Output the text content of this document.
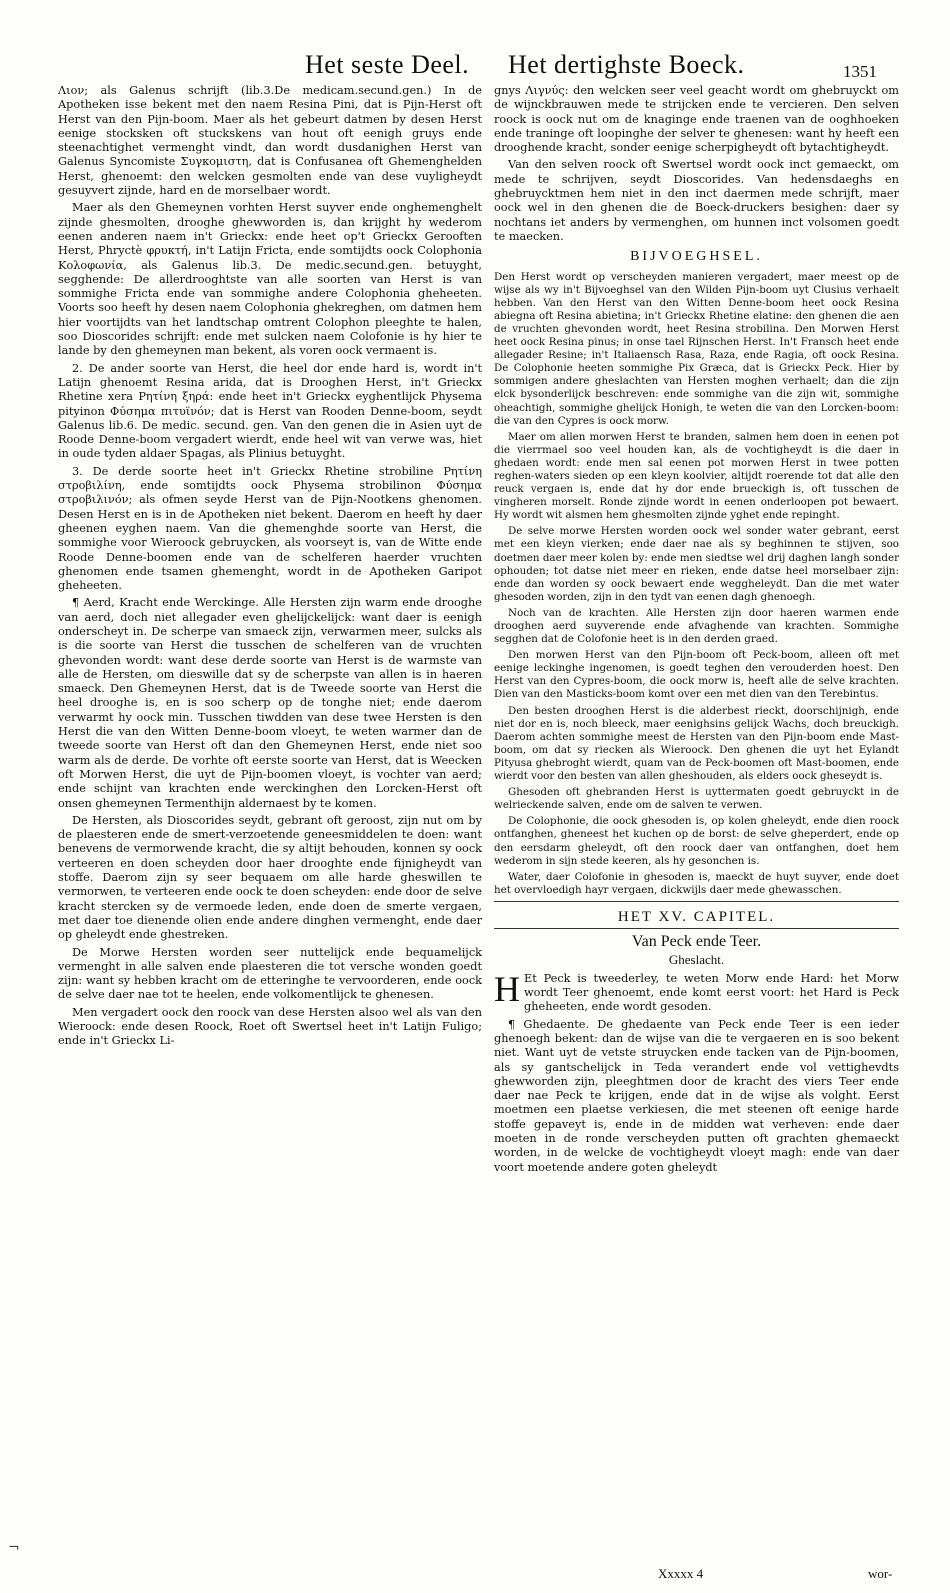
Het seste Deel. Het dertighste Boeck.	1351

Λιον; als Galenus schrijft (lib.3.De medicam.secund.gen.) In de Apotheken isse bekent met den naem Resina Pini, dat is Pijn-Herst oft Herst van den Pijn-boom. Maer als het gebeurt datmen by desen Herst eenige stocksken oft stuckskens van hout oft eenigh gruys ende steenachtighet vermenght vindt, dan wordt dusdanighen Herst van Galenus Syncomiste Συγκομιστη, dat is Confusanea oft Ghemenghelden Herst, ghenoemt: den welcken gesmolten ende van dese vuyligheydt gesuyvert zijnde, hard en de morselbaer wordt.

Maer als den Ghemeynen vorhten Herst suyver ende onghemenghelt zijnde ghesmolten, drooghe ghewworden is, dan krijght hy wederom eenen anderen naem in't Grieckx: ende heet op't Grieckx Gerooften Herst, Phryctè φρυκτή, in't Latijn Fricta, ende somtijdts oock Colophonia Κολοφωνία, als Galenus lib.3. De medic.secund.gen. betuyght, segghende: De allerdrooghtste van alle soorten van Herst is van sommighe Fricta ende van sommighe andere Colophonia gheheeten. Voorts soo heeft hy desen naem Colophonia ghekreghen, om datmen hem hier voortijdts van het landtschap omtrent Colophon pleeghte te halen, soo Dioscorides schrijft: ende met sulcken naem Colofonie is hy hier te lande by den ghemeynen man bekent, als voren oock vermaent is.

2. De ander soorte van Herst, die heel dor ende hard is, wordt in't Latijn ghenoemt Resina arida, dat is Drooghen Herst, in't Grieckx Rhetine xera Ρητίνη ξηρά: ende heet in't Grieckx eyghentlijck Physema pityinon Φύσημα πιτυϊνόν; dat is Herst van Rooden Denne-boom, seydt Galenus lib.6. De medic. secund. gen. Van den genen die in Asien uyt de Roode Denne-boom vergadert wierdt, ende heel wit van verwe was, hiet in oude tyden aldaer Spagas, als Plinius betuyght.

3. De derde soorte heet in't Grieckx Rhetine strobiline Ρητίνη στροβιλίνη, ende somtijdts oock Physema strobilinon Φύσημα στροβιλινόν; als ofmen seyde Herst van de Pijn-Nootkens ghenomen. Desen Herst en is in de Apotheken niet bekent. Daerom en heeft hy daer gheenen eyghen naem. Van die ghemenghde soorte van Herst, die sommighe voor Wieroock gebruycken, als voorseyt is, van de Witte ende Roode Denne-boomen ende van de schelferen haerder vruchten ghenomen ende tsamen ghemenght, wordt in de Apotheken Garipot gheheeten.

¶ Aerd, Kracht ende Werckinge. Alle Hersten zijn warm ende drooghe van aerd, doch niet allegader even ghelijckelijck: want daer is eenigh onderscheyt in. De scherpe van smaeck zijn, verwarmen meer, sulcks als is die soorte van Herst die tusschen de schelferen van de vruchten ghevonden wordt: want dese derde soorte van Herst is de warmste van alle de Hersten, om dieswille dat sy de scherpste van allen is in haeren smaeck. Den Ghemeynen Herst, dat is de Tweede soorte van Herst die heel drooghe is, en is soo scherp op de tonghe niet; ende daerom verwarmt hy oock min. Tusschen tiwdden van dese twee Hersten is den Herst die van den Witten Denne-boom vloeyt, te weten warmer dan de tweede soorte van Herst oft dan den Ghemeynen Herst, ende niet soo warm als de derde. De vorhte oft eerste soorte van Herst, dat is Weecken oft Morwen Herst, die uyt de Pijn-boomen vloeyt, is vochter van aerd; ende schijnt van krachten ende werckinghen den Lorcken-Herst oft onsen ghemeynen Termenthijn aldernaest by te komen.

De Hersten, als Dioscorides seydt, gebrant oft geroost, zijn nut om by de plaesteren ende de smert-verzoetende geneesmiddelen te doen: want benevens de vermorwende kracht, die sy altijt behouden, konnen sy oock verteeren en doen scheyden door haer drooghte ende fijnigheydt van stoffe. Daerom zijn sy seer bequaem om alle harde gheswillen te vermorwen, te verteeren ende oock te doen scheyden: ende door de selve kracht stercken sy de vermoede leden, ende doen de smerte vergaen, met daer toe dienende olien ende andere dinghen vermenght, ende daer op gheleydt ende ghestreken.

De Morwe Hersten worden seer nuttelijck ende bequamelijck vermenght in alle salven ende plaesteren die tot versche wonden goedt zijn: want sy hebben kracht om de etteringhe te vervoorderen, ende oock de selve daer nae tot te heelen, ende volkomentlijck te ghenesen.

Men vergadert oock den roock van dese Hersten alsoo wel als van den Wieroock: ende desen Roock, Roet oft Swertsel heet in't Latijn Fuligo; ende in't Grieckx Li-

gnys Λιγνύς: den welcken seer veel geacht wordt om ghebruyckt om de wijnckbrauwen mede te strijcken ende te vercieren. Den selven roock is oock nut om de knaginge ende traenen van de ooghhoeken ende traninge oft loopinghe der selver te ghenesen: want hy heeft een drooghende kracht, sonder eenige scherpigheydt oft bytachtigheydt.

Van den selven roock oft Swertsel wordt oock inct gemaeckt, om mede te schrijven, seydt Dioscorides. Van hedensdaeghs en ghebruycktmen hem niet in den inct daermen mede schrijft, maer oock wel in den ghenen die de Boeck-druckers besighen: daer sy nochtans iet anders by vermenghen, om hunnen inct volsomen goedt te maecken.

BIJVOEGHSEL.

Den Herst wordt op verscheyden manieren vergadert, maer meest op de wijse als wy in't Bijvoeghsel van den Wilden Pijn-boom uyt Clusius verhaelt hebben. Van den Herst van den Witten Denne-boom heet oock Resina abiegna oft Resina abietina; in't Grieckx Rhetine elatine: den ghenen die aen de vruchten ghevonden wordt, heet Resina strobilina. Den Morwen Herst heet oock Resina pinus; in onse tael Rijnschen Herst. In't Fransch heet ende allegader Resine; in't Italiaensch Rasa, Raza, ende Ragia, oft oock Resina. De Colophonie heeten sommighe Pix Græca, dat is Grieckx Peck. Hier by sommigen andere gheslachten van Hersten moghen verhaelt; dan die zijn elck bysonderlijck beschreven: ende sommighe van die zijn wit, sommighe oheachtigh, sommighe ghelijck Honigh, te weten die van den Lorcken-boom: die van den Cypres is oock morw.

Maer om allen morwen Herst te branden, salmen hem doen in eenen pot die vierrmael soo veel houden kan, als de vochtigheydt is die daer in ghedaen wordt: ende men sal eenen pot morwen Herst in twee potten reghen-waters sieden op een kleyn koolvier, altijdt roerende tot dat alle den reuck vergaen is, ende dat hy dor ende brueckigh is, oft tusschen de vingheren morselt. Ronde zijnde wordt in eenen onderloopen pot bewaert. Hy wordt wit alsmen hem ghesmolten zijnde yghet ende repinght.

De selve morwe Hersten worden oock wel sonder water gebrant, eerst met een kleyn vierken; ende daer nae als sy beghinnen te stijven, soo doetmen daer meer kolen by: ende men siedtse wel drij daghen langh sonder ophouden; tot datse niet meer en rieken, ende datse heel morselbaer zijn: ende dan worden sy oock bewaert ende weggheleydt. Dan die met water ghesoden worden, zijn in den tydt van eenen dagh ghenoegh.

Noch van de krachten. Alle Hersten zijn door haeren warmen ende drooghen aerd suyverende ende afvaghende van krachten. Sommighe segghen dat de Colofonie heet is in den derden graed.

Den morwen Herst van den Pijn-boom oft Peck-boom, alleen oft met eenige leckinghe ingenomen, is goedt teghen den verouderden hoest. Den Herst van den Cypres-boom, die oock morw is, heeft alle de selve krachten. Dien van den Masticks-boom komt over een met dien van den Terebintus.

Den besten drooghen Herst is die alderbest rieckt, doorschijnigh, ende niet dor en is, noch bleeck, maer eenighsins gelijck Wachs, doch breuckigh. Daerom achten sommighe meest de Hersten van den Pijn-boom ende Mast-boom, om dat sy riecken als Wieroock. Den ghenen die uyt het Eylandt Pityusa ghebroght wierdt, quam van de Peck-boomen oft Mast-boomen, ende wierdt voor den besten van allen gheshouden, als elders oock gheseydt is.

Ghesoden oft ghebranden Herst is uyttermaten goedt gebruyckt in de welrieckende salven, ende om de salven te verwen.

De Colophonie, die oock ghesoden is, op kolen gheleydt, ende dien roock ontfanghen, gheneest het kuchen op de borst: de selve gheperdert, ende op den eersdarm gheleydt, oft den roock daer van ontfanghen, doet hem wederom in sijn stede keeren, als hy gesonchen is.

Water, daer Colofonie in ghesoden is, maeckt de huyt suyver, ende doet het overvloedigh hayr vergaen, dickwijls daer mede ghewasschen.

HET XV. CAPITEL.
Van Peck ende Teer.
Gheslacht.

H Et Peck is tweederley, te weten Morw ende Hard: het Morw wordt Teer ghenoemt, ende komt eerst voort: het Hard is Peck gheheeten, ende wordt gesoden.

¶ Ghedaente. De ghedaente van Peck ende Teer is een ieder ghenoegh bekent: dan de wijse van die te vergaeren en is soo bekent niet. Want uyt de vetste struycken ende tacken van de Pijn-boomen, als sy gantschelijck in Teda verandert ende vol vettighevdts ghewworden zijn, pleeghtmen door de kracht des viers Teer ende daer nae Peck te krijgen, ende dat in de wijse als volght. Eerst moetmen een plaetse verkiesen, die met steenen oft eenige harde stoffe gepaveyt is, ende in de midden wat verheven: ende daer moeten in de ronde verscheyden putten oft grachten ghemaeckt worden, in de welcke de vochtigheydt vloeyt magh: ende van daer voort moetende andere goten gheleydt

¬
Xxxxx 4	wor-
